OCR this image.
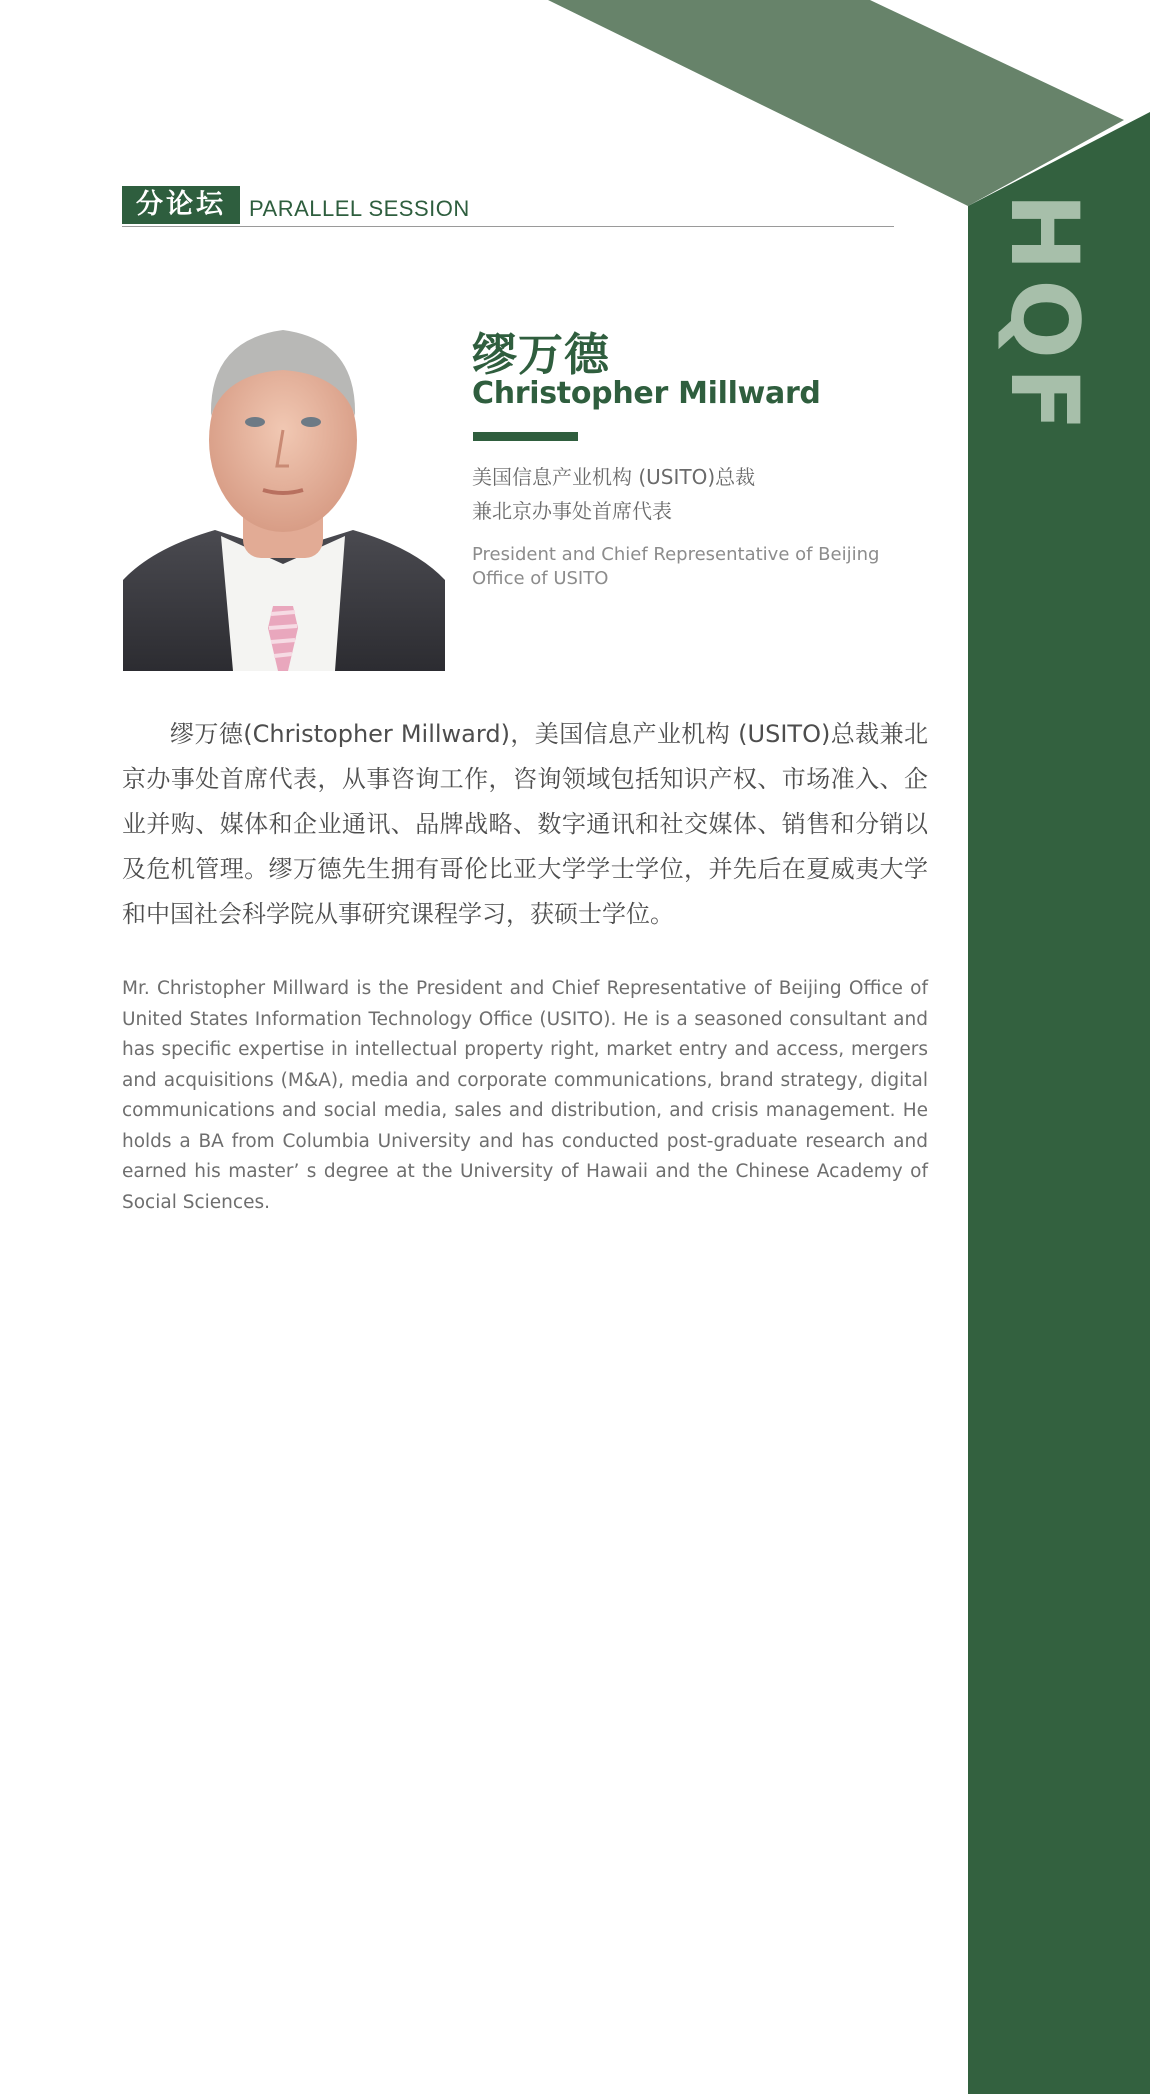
HQF
分论坛	PARALLEL SESSION
缪万德
Christopher Millward
美国信息产业机构 (USITO)总裁
兼北京办事处首席代表
President and Chief Representative of Beijing Office of USITO

缪万德(Christopher Millward)，美国信息产业机构 (USITO)总裁兼北京办事处首席代表，从事咨询工作，咨询领域包括知识产权、市场准入、企业并购、媒体和企业通讯、品牌战略、数字通讯和社交媒体、销售和分销以及危机管理。缪万德先生拥有哥伦比亚大学学士学位，并先后在夏威夷大学和中国社会科学院从事研究课程学习，获硕士学位。

Mr. Christopher Millward is the President and Chief Representative of Beijing Office of United States Information Technology Office (USITO). He is a seasoned consultant and has specific expertise in intellectual property right, market entry and access, mergers and acquisitions (M&A), media and corporate communications, brand strategy, digital communications and social media, sales and distribution, and crisis management. He holds a BA from Columbia University and has conducted post-graduate research and earned his master’ s degree at the University of Hawaii and the Chinese Academy of Social Sciences.
